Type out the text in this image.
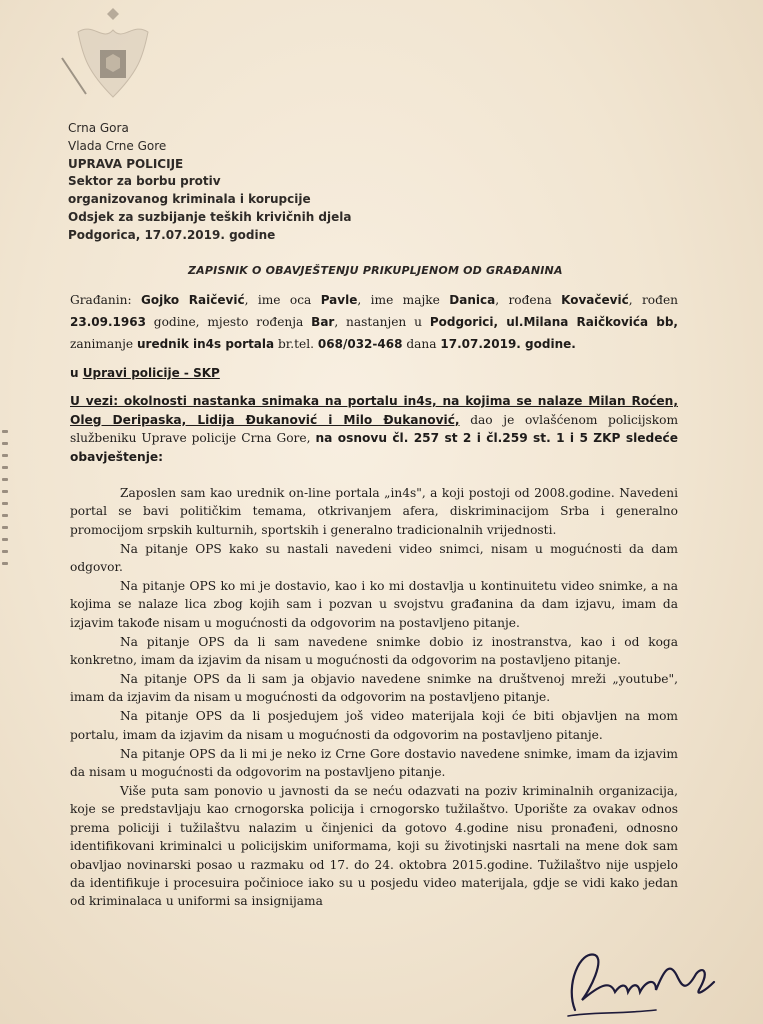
Crna Gora
Vlada Crne Gore
UPRAVA POLICIJE
Sektor za borbu protiv
organizovanog kriminala i korupcije
Odsjek za suzbijanje teških krivičnih djela
Podgorica, 17.07.2019. godine
ZAPISNIK O OBAVJEŠTENJU PRIKUPLJENOM OD GRAĐANINA
Građanin: Gojko Raičević, ime oca Pavle, ime majke Danica, rođena Kovačević, rođen 23.09.1963 godine, mjesto rođenja Bar, nastanjen u Podgorici, ul.Milana Raičkovića bb, zanimanje urednik in4s portala br.tel. 068/032-468 dana 17.07.2019. godine.
u Upravi policije - SKP
U vezi: okolnosti nastanka snimaka na portalu in4s, na kojima se nalaze Milan Roćen, Oleg Deripaska, Lidija Đukanović i Milo Đukanović, dao je ovlašćenom policijskom službeniku Uprave policije Crna Gore, na osnovu čl. 257 st 2 i čl.259 st. 1 i 5 ZKP sledeće obavještenje:

Zaposlen sam kao urednik on-line portala „in4s", a koji postoji od 2008.godine. Navedeni portal se bavi političkim temama, otkrivanjem afera, diskriminacijom Srba i generalno promocijom srpskih kulturnih, sportskih i generalno tradicionalnih vrijednosti.

Na pitanje OPS kako su nastali navedeni video snimci, nisam u mogućnosti da dam odgovor.

Na pitanje OPS ko mi je dostavio, kao i ko mi dostavlja u kontinuitetu video snimke, a na kojima se nalaze lica zbog kojih sam i pozvan u svojstvu građanina da dam izjavu, imam da izjavim takođe nisam u mogućnosti da odgovorim na postavljeno pitanje.

Na pitanje OPS da li sam navedene snimke dobio iz inostranstva, kao i od koga konkretno, imam da izjavim da nisam u mogućnosti da odgovorim na postavljeno pitanje.

Na pitanje OPS da li sam ja objavio navedene snimke na društvenoj mreži „youtube", imam da izjavim da nisam u mogućnosti da odgovorim na postavljeno pitanje.

Na pitanje OPS da li posjedujem još video materijala koji će biti objavljen na mom portalu, imam da izjavim da nisam u mogućnosti da odgovorim na postavljeno pitanje.

Na pitanje OPS da li mi je neko iz Crne Gore dostavio navedene snimke, imam da izjavim da nisam u mogućnosti da odgovorim na postavljeno pitanje.

Više puta sam ponovio u javnosti da se neću odazvati na poziv kriminalnih organizacija, koje se predstavljaju kao crnogorska policija i crnogorsko tužilaštvo. Uporište za ovakav odnos prema policiji i tužilaštvu nalazim u činjenici da gotovo 4.godine nisu pronađeni, odnosno identifikovani kriminalci u policijskim uniformama, koji su životinjski nasrtali na mene dok sam obavljao novinarski posao u razmaku od 17. do 24. oktobra 2015.godine. Tužilaštvo nije uspjelo da identifikuje i procesuira počinioce iako su u posjedu video materijala, gdje se vidi kako jedan od kriminalaca u uniformi sa insignijama
